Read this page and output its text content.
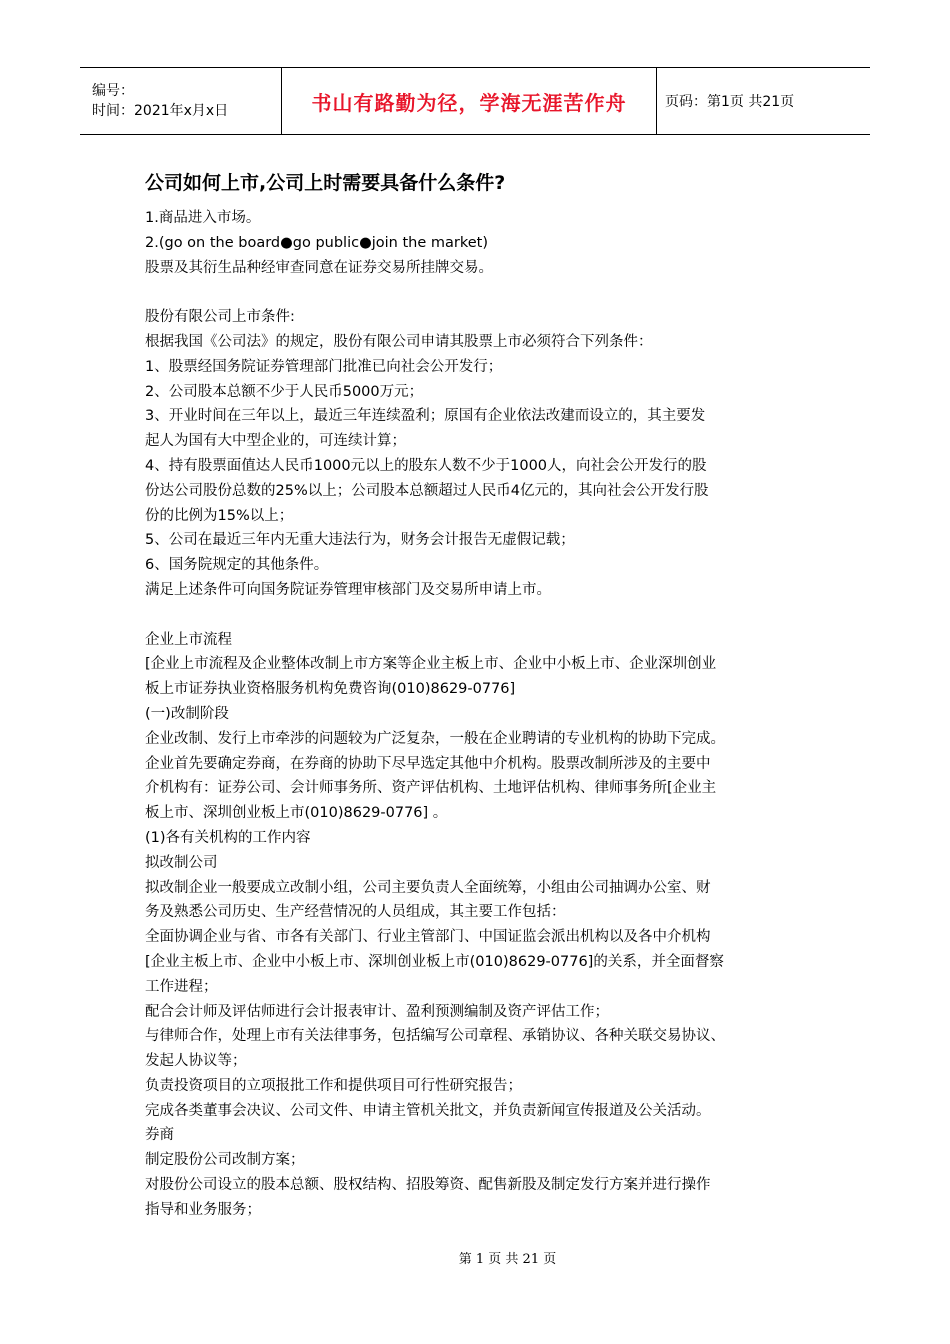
编号：
时间：2021年x月x日	书山有路勤为径，学海无涯苦作舟	页码：第1页 共21页
公司如何上市,公司上时需要具备什么条件?
1.商品进入市场。
2.(go on the board●go public●join the market)
股票及其衍生品种经审查同意在证券交易所挂牌交易。
股份有限公司上市条件:
根据我国《公司法》的规定，股份有限公司申请其股票上市必须符合下列条件：
1、股票经国务院证券管理部门批准已向社会公开发行；
2、公司股本总额不少于人民币5000万元；
3、开业时间在三年以上，最近三年连续盈利；原国有企业依法改建而设立的，其主要发
起人为国有大中型企业的，可连续计算；
4、持有股票面值达人民币1000元以上的股东人数不少于1000人，向社会公开发行的股
份达公司股份总数的25%以上；公司股本总额超过人民币4亿元的，其向社会公开发行股
份的比例为15%以上；
5、公司在最近三年内无重大违法行为，财务会计报告无虚假记载；
6、国务院规定的其他条件。
满足上述条件可向国务院证券管理审核部门及交易所申请上市。
企业上市流程
[企业上市流程及企业整体改制上市方案等企业主板上市、企业中小板上市、企业深圳创业
板上市证券执业资格服务机构免费咨询(010)8629-0776]
(一)改制阶段
企业改制、发行上市牵涉的问题较为广泛复杂，一般在企业聘请的专业机构的协助下完成。
企业首先要确定券商，在券商的协助下尽早选定其他中介机构。股票改制所涉及的主要中
介机构有：证券公司、会计师事务所、资产评估机构、土地评估机构、律师事务所[企业主
板上市、深圳创业板上市(010)8629-0776] 。
(1)各有关机构的工作内容
拟改制公司
拟改制企业一般要成立改制小组，公司主要负责人全面统筹，小组由公司抽调办公室、财
务及熟悉公司历史、生产经营情况的人员组成，其主要工作包括：
全面协调企业与省、市各有关部门、行业主管部门、中国证监会派出机构以及各中介机构
[企业主板上市、企业中小板上市、深圳创业板上市(010)8629-0776]的关系，并全面督察
工作进程；
配合会计师及评估师进行会计报表审计、盈利预测编制及资产评估工作；
与律师合作，处理上市有关法律事务，包括编写公司章程、承销协议、各种关联交易协议、
发起人协议等；
负责投资项目的立项报批工作和提供项目可行性研究报告；
完成各类董事会决议、公司文件、申请主管机关批文，并负责新闻宣传报道及公关活动。
券商
制定股份公司改制方案；
对股份公司设立的股本总额、股权结构、招股筹资、配售新股及制定发行方案并进行操作
指导和业务服务；
第 1 页 共 21 页
